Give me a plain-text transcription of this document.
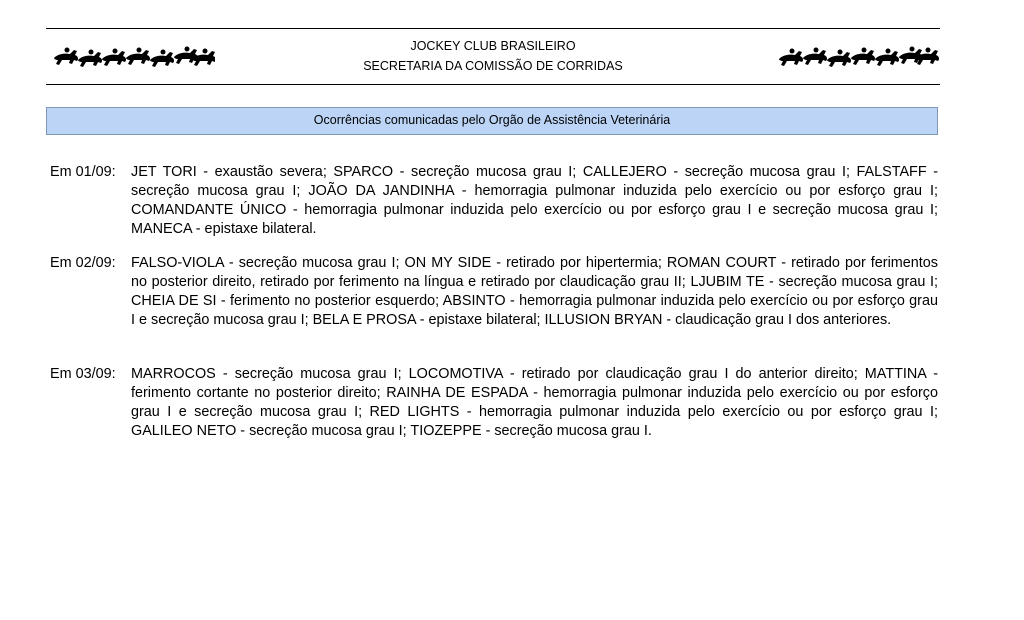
JOCKEY CLUB BRASILEIRO
SECRETARIA DA COMISSÃO DE CORRIDAS
Ocorrências comunicadas pelo Orgão de Assistência Veterinária
Em 01/09: JET TORI - exaustão severa; SPARCO - secreção mucosa grau I; CALLEJERO - secreção mucosa grau I; FALSTAFF - secreção mucosa grau I; JOÃO DA JANDINHA - hemorragia pulmonar induzida pelo exercício ou por esforço grau I; COMANDANTE ÚNICO - hemorragia pulmonar induzida pelo exercício ou por esforço grau I e secreção mucosa grau I; MANECA - epistaxe bilateral.
Em 02/09: FALSO-VIOLA - secreção mucosa grau I; ON MY SIDE - retirado por hipertermia; ROMAN COURT - retirado por ferimentos no posterior direito, retirado por ferimento na língua e retirado por claudicação grau II; LJUBIM TE - secreção mucosa grau I; CHEIA DE SI - ferimento no posterior esquerdo; ABSINTO - hemorragia pulmonar induzida pelo exercício ou por esforço grau I e secreção mucosa grau I; BELA E PROSA - epistaxe bilateral; ILLUSION BRYAN - claudicação grau I dos anteriores.
Em 03/09: MARROCOS - secreção mucosa grau I; LOCOMOTIVA - retirado por claudicação grau I do anterior direito; MATTINA - ferimento cortante no posterior direito; RAINHA DE ESPADA - hemorragia pulmonar induzida pelo exercício ou por esforço grau I e secreção mucosa grau I; RED LIGHTS - hemorragia pulmonar induzida pelo exercício ou por esforço grau I; GALILEO NETO - secreção mucosa grau I; TIOZEPPE - secreção mucosa grau I.
